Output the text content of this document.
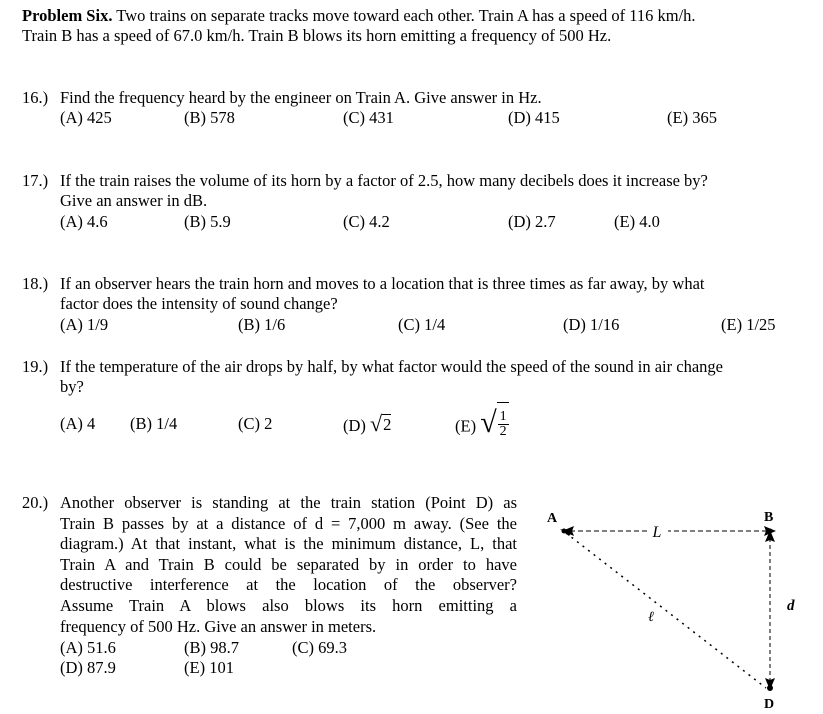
Problem Six. Two trains on separate tracks move toward each other. Train A has a speed of 116 km/h.
Train B has a speed of 67.0 km/h. Train B blows its horn emitting a frequency of 500 Hz.
16.) Find the frequency heard by the engineer on Train A. Give answer in Hz.
(A) 425	(B) 578	(C) 431	(D) 415	(E) 365
17.) If the train raises the volume of its horn by a factor of 2.5, how many decibels does it increase by?
Give an answer in dB.
(A) 4.6	(B) 5.9	(C) 4.2	(D) 2.7	(E) 4.0
18.) If an observer hears the train horn and moves to a location that is three times as far away, by what
factor does the intensity of sound change?
(A) 1/9	(B) 1/6	(C) 1/4	(D) 1/16	(E) 1/25
19.) If the temperature of the air drops by half, by what factor would the speed of the sound in air change
by?
(A) 4 (B) 1/4	(C) 2	(D) √ 2	(E) √ $\frac{1}{2}$
20.) Another observer is standing at the train station (Point D) as
Train B passes by at a distance of d = 7,000 m away. (See the
diagram.) At that instant, what is the minimum distance, L, that
Train A and Train B could be separated by in order to have
destructive interference at the location of the observer?
Assume Train A blows also blows its horn emitting a
frequency of 500 Hz. Give an answer in meters.
(A) 51.6	(B) 98.7	(C) 69.3
(D) 87.9	(E) 101
L
A	B
D
d
ℓ
